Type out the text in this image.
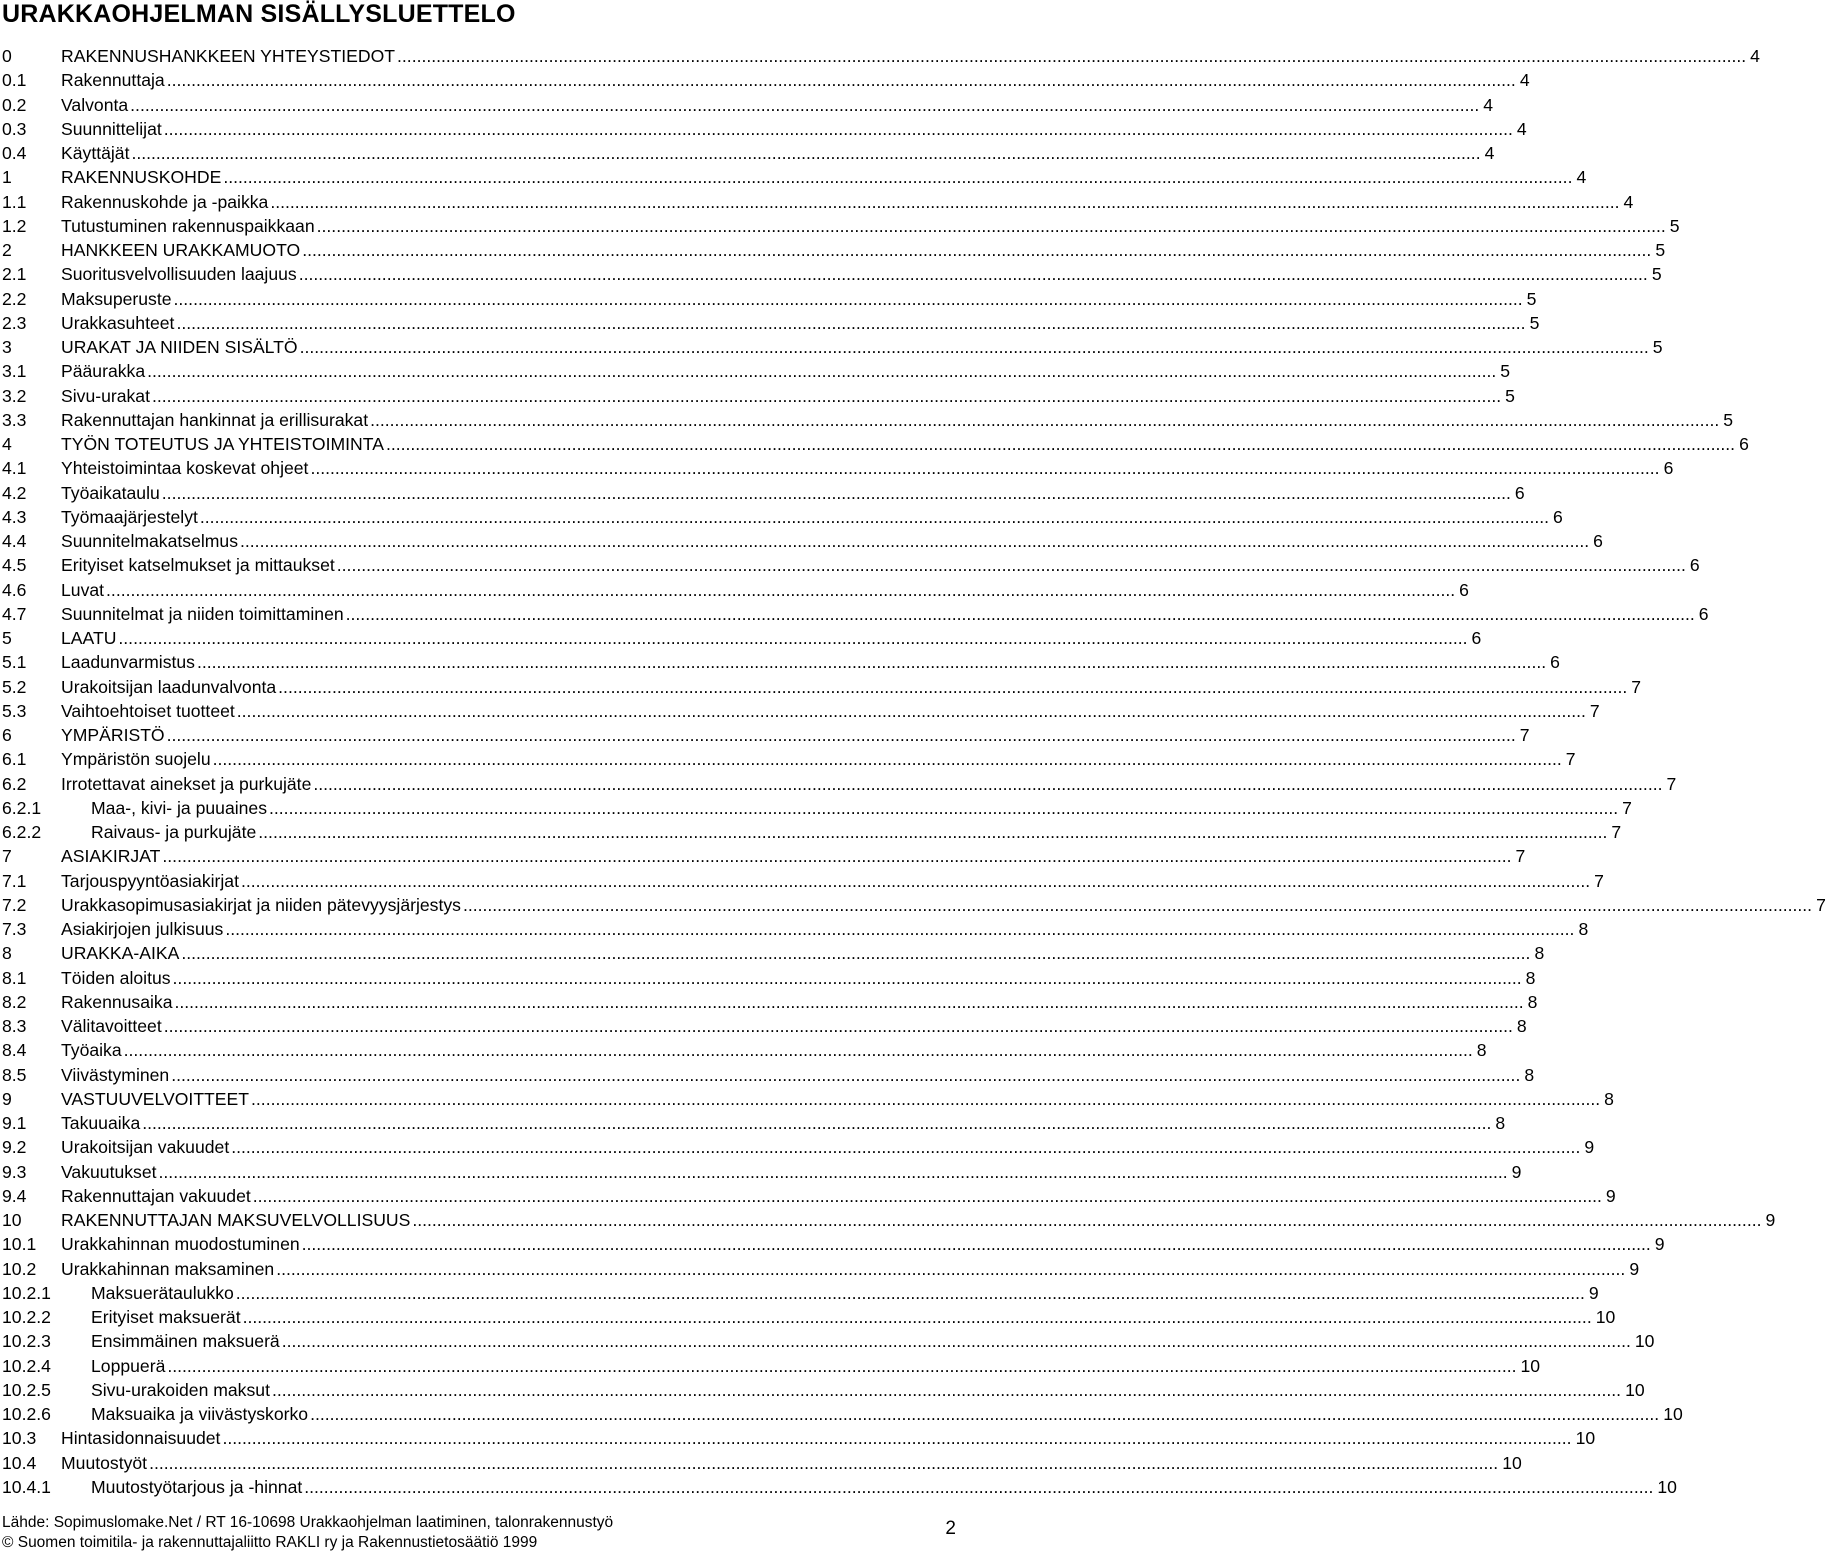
URAKKAOHJELMAN SISÄLLYSLUETTELO
0	RAKENNUSHANKKEEN YHTEYSTIEDOT .................................................................................................................................................................................................................................................................................... 4
0.1 Rakennuttaja .................................................................................................................................................................................................................................................................................... 4
0.2 Valvonta .................................................................................................................................................................................................................................................................................... 4
0.3 Suunnittelijat .................................................................................................................................................................................................................................................................................... 4
0.4 Käyttäjät .................................................................................................................................................................................................................................................................................... 4
1	RAKENNUSKOHDE .................................................................................................................................................................................................................................................................................... 4
1.1 Rakennuskohde ja -paikka .................................................................................................................................................................................................................................................................................... 4
1.2 Tutustuminen rakennuspaikkaan .................................................................................................................................................................................................................................................................................... 5
2	HANKKEEN URAKKAMUOTO .................................................................................................................................................................................................................................................................................... 5
2.1 Suoritusvelvollisuuden laajuus .................................................................................................................................................................................................................................................................................... 5
2.2 Maksuperuste .................................................................................................................................................................................................................................................................................... 5
2.3 Urakkasuhteet .................................................................................................................................................................................................................................................................................... 5
3	URAKAT JA NIIDEN SISÄLTÖ .................................................................................................................................................................................................................................................................................... 5
3.1 Pääurakka .................................................................................................................................................................................................................................................................................... 5
3.2 Sivu-urakat .................................................................................................................................................................................................................................................................................... 5
3.3 Rakennuttajan hankinnat ja erillisurakat .................................................................................................................................................................................................................................................................................... 5
4	TYÖN TOTEUTUS JA YHTEISTOIMINTA .................................................................................................................................................................................................................................................................................... 6
4.1 Yhteistoimintaa koskevat ohjeet .................................................................................................................................................................................................................................................................................... 6
4.2 Työaikataulu .................................................................................................................................................................................................................................................................................... 6
4.3 Työmaajärjestelyt .................................................................................................................................................................................................................................................................................... 6
4.4 Suunnitelmakatselmus .................................................................................................................................................................................................................................................................................... 6
4.5 Erityiset katselmukset ja mittaukset .................................................................................................................................................................................................................................................................................... 6
4.6 Luvat .................................................................................................................................................................................................................................................................................... 6
4.7 Suunnitelmat ja niiden toimittaminen .................................................................................................................................................................................................................................................................................... 6
5	LAATU .................................................................................................................................................................................................................................................................................... 6
5.1 Laadunvarmistus .................................................................................................................................................................................................................................................................................... 6
5.2 Urakoitsijan laadunvalvonta .................................................................................................................................................................................................................................................................................... 7
5.3 Vaihtoehtoiset tuotteet .................................................................................................................................................................................................................................................................................... 7
6	YMPÄRISTÖ .................................................................................................................................................................................................................................................................................... 7
6.1 Ympäristön suojelu .................................................................................................................................................................................................................................................................................... 7
6.2 Irrotettavat ainekset ja purkujäte .................................................................................................................................................................................................................................................................................... 7
6.2.1	Maa-, kivi- ja puuaines .................................................................................................................................................................................................................................................................................... 7
6.2.2	Raivaus- ja purkujäte .................................................................................................................................................................................................................................................................................... 7
7	ASIAKIRJAT .................................................................................................................................................................................................................................................................................... 7
7.1 Tarjouspyyntöasiakirjat .................................................................................................................................................................................................................................................................................... 7
7.2 Urakkasopimusasiakirjat ja niiden pätevyysjärjestys .................................................................................................................................................................................................................................................................................... 7
7.3 Asiakirjojen julkisuus .................................................................................................................................................................................................................................................................................... 8
8	URAKKA-AIKA .................................................................................................................................................................................................................................................................................... 8
8.1 Töiden aloitus .................................................................................................................................................................................................................................................................................... 8
8.2 Rakennusaika .................................................................................................................................................................................................................................................................................... 8
8.3 Välitavoitteet .................................................................................................................................................................................................................................................................................... 8
8.4 Työaika .................................................................................................................................................................................................................................................................................... 8
8.5 Viivästyminen .................................................................................................................................................................................................................................................................................... 8
9	VASTUUVELVOITTEET .................................................................................................................................................................................................................................................................................... 8
9.1 Takuuaika .................................................................................................................................................................................................................................................................................... 8
9.2 Urakoitsijan vakuudet .................................................................................................................................................................................................................................................................................... 9
9.3 Vakuutukset .................................................................................................................................................................................................................................................................................... 9
9.4 Rakennuttajan vakuudet .................................................................................................................................................................................................................................................................................... 9
10 RAKENNUTTAJAN MAKSUVELVOLLISUUS .................................................................................................................................................................................................................................................................................... 9
10.1 Urakkahinnan muodostuminen .................................................................................................................................................................................................................................................................................... 9
10.2 Urakkahinnan maksaminen .................................................................................................................................................................................................................................................................................... 9
10.2.1 Maksuerätaulukko .................................................................................................................................................................................................................................................................................... 9
10.2.2 Erityiset maksuerät .................................................................................................................................................................................................................................................................................... 10
10.2.3 Ensimmäinen maksuerä .................................................................................................................................................................................................................................................................................... 10
10.2.4 Loppuerä .................................................................................................................................................................................................................................................................................... 10
10.2.5 Sivu-urakoiden maksut .................................................................................................................................................................................................................................................................................... 10
10.2.6 Maksuaika ja viivästyskorko .................................................................................................................................................................................................................................................................................... 10
10.3 Hintasidonnaisuudet .................................................................................................................................................................................................................................................................................... 10
10.4 Muutostyöt .................................................................................................................................................................................................................................................................................... 10
10.4.1 Muutostyötarjous ja -hinnat .................................................................................................................................................................................................................................................................................... 10
Lähde: Sopimuslomake.Net / RT 16-10698 Urakkaohjelman laatiminen, talonrakennustyö
© Suomen toimitila- ja rakennuttajaliitto RAKLI ry ja Rakennustietosäätiö 1999
2
